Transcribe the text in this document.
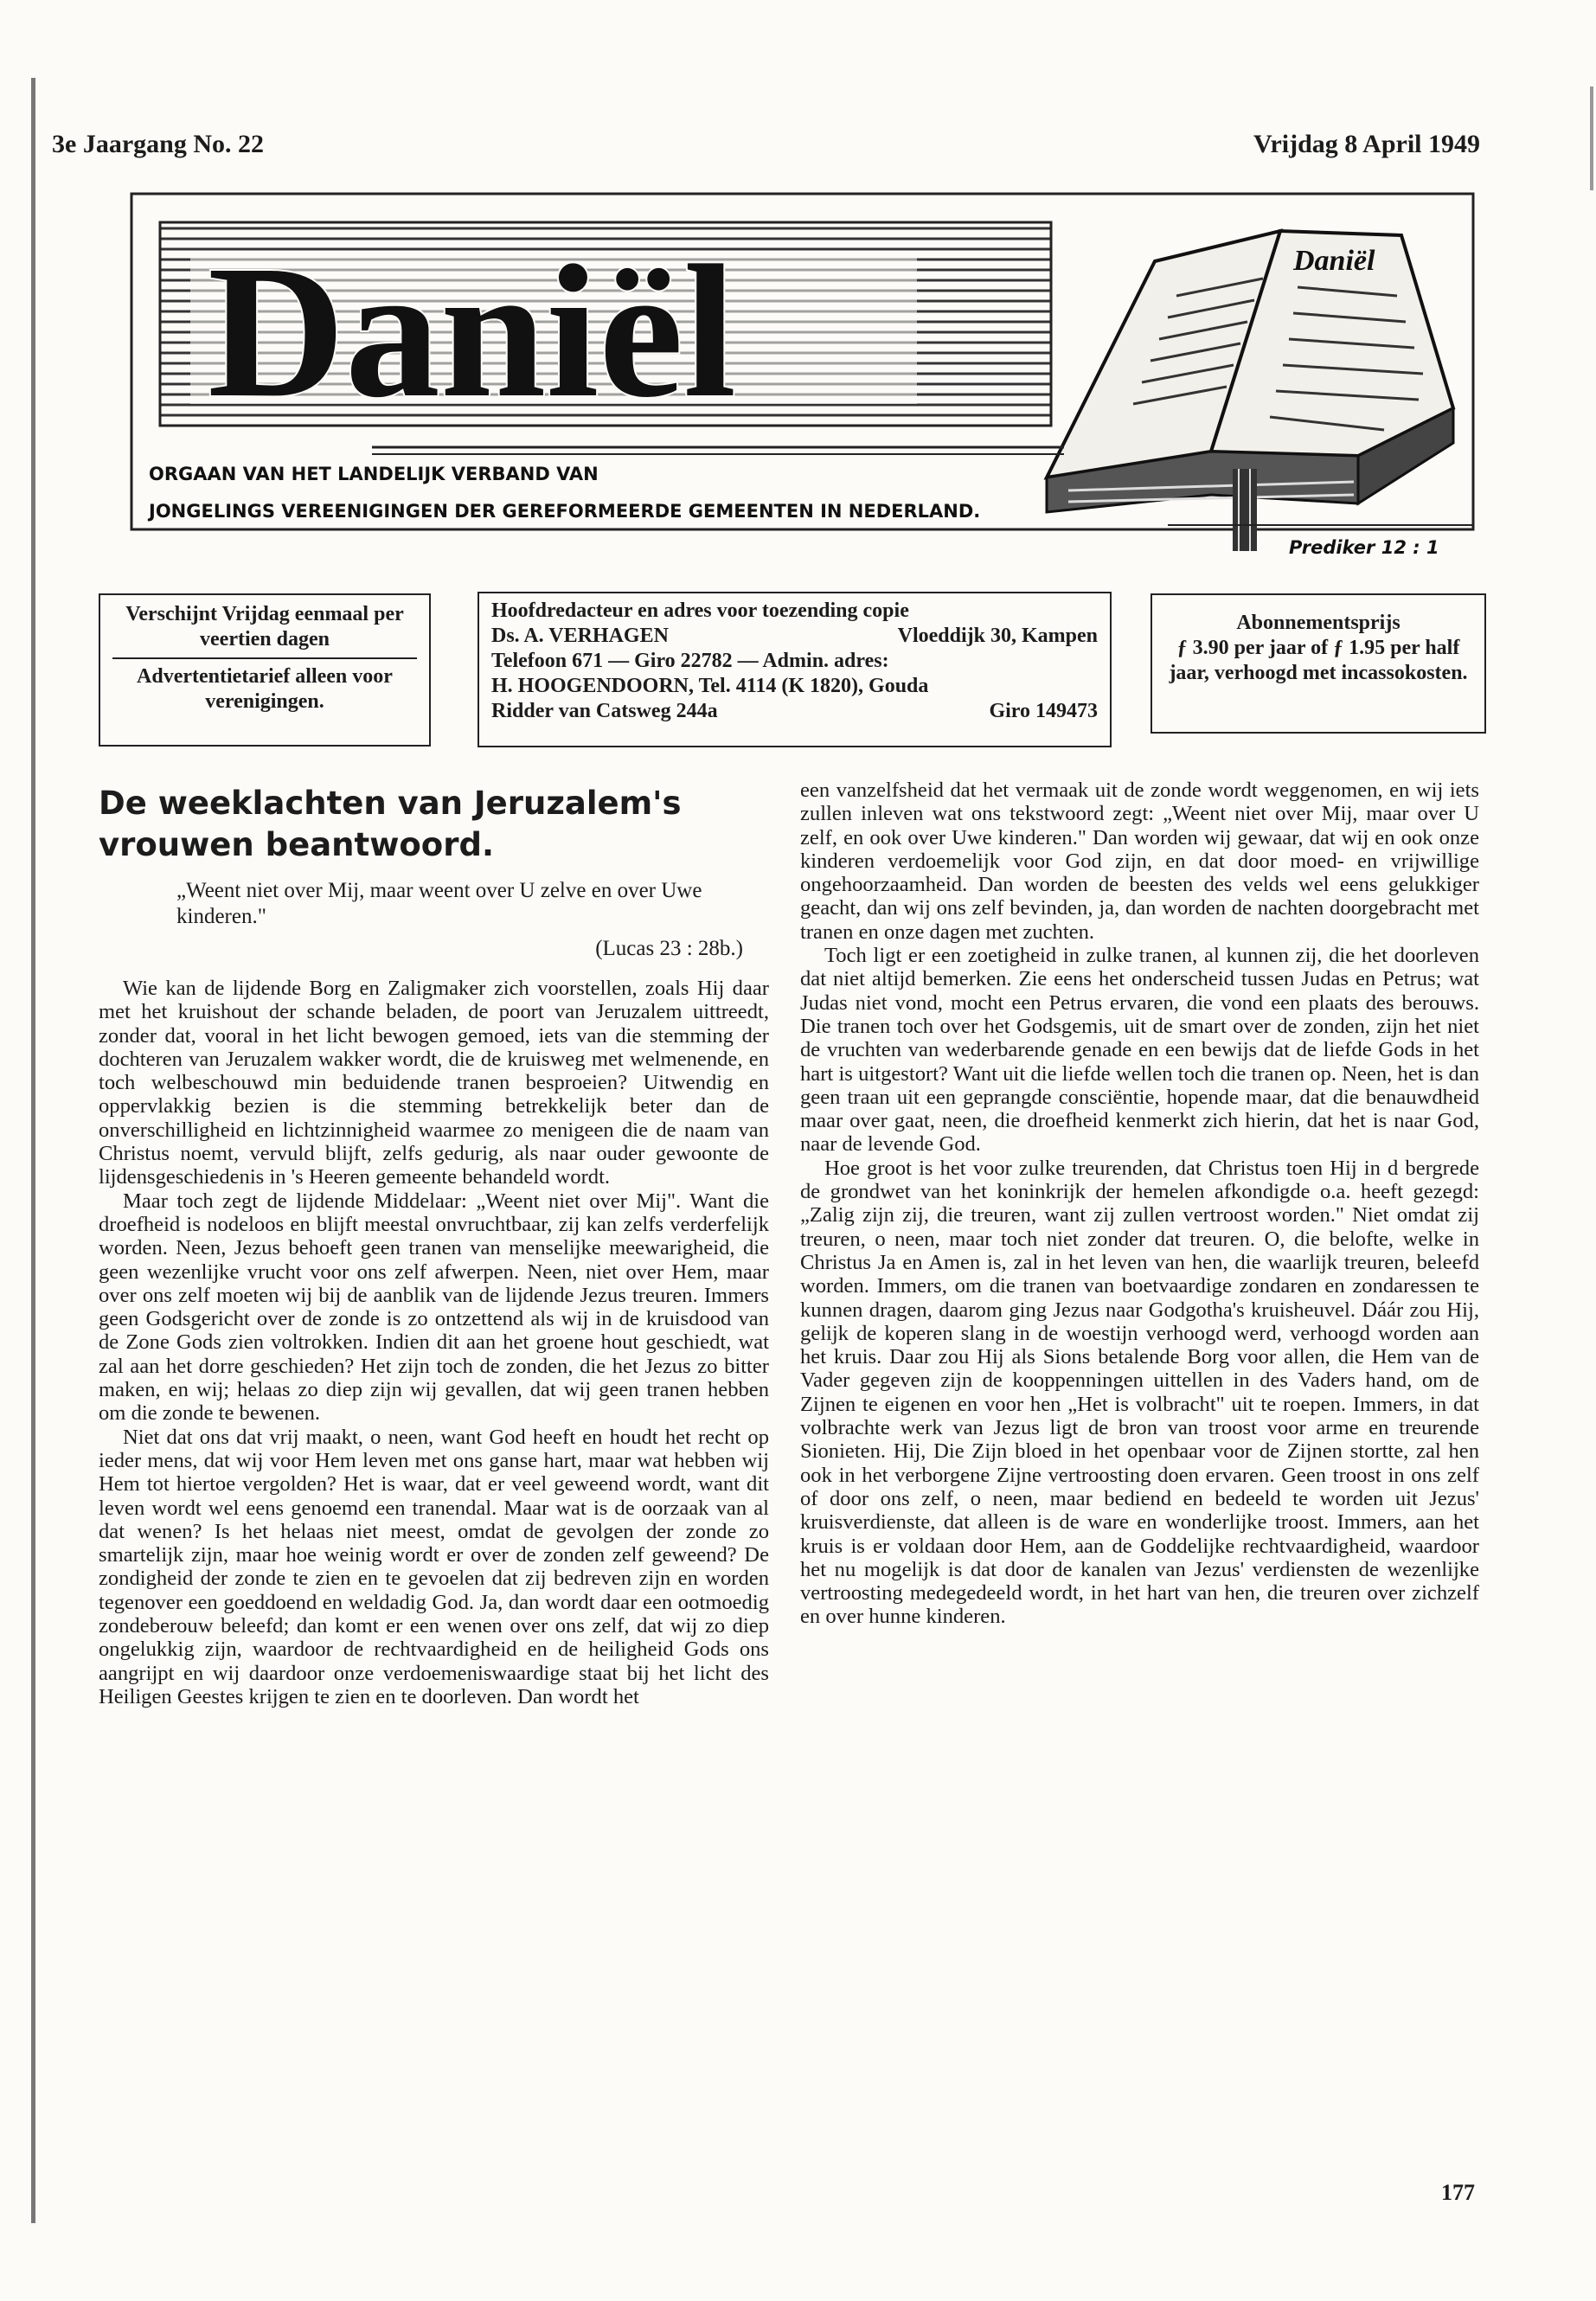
3e Jaargang No. 22	Vrijdag 8 April 1949
Daniël	Daniël
ORGAAN VAN HET LANDELIJK VERBAND VAN
JONGELINGS VEREENIGINGEN DER GEREFORMEERDE GEMEENTEN IN NEDERLAND.
Prediker 12 : 1

Verschijnt Vrijdag eenmaal per veertien dagen

Advertentietarief alleen voor verenigingen.

Hoofdredacteur en adres voor toezending copie

Ds. A. VERHAGEN	Vloeddijk 30, Kampen

Telefoon 671 — Giro 22782 — Admin. adres:

H. HOOGENDOORN, Tel. 4114 (K 1820), Gouda

Ridder van Catsweg 244a	Giro 149473

Abonnementsprijs

ƒ 3.90 per jaar of ƒ 1.95 per half jaar, verhoogd met incassokosten.

De weeklachten van Jeruzalem's vrouwen beantwoord.
„Weent niet over Mij, maar weent over U zelve en over Uwe kinderen."
(Lucas 23 : 28b.)

Wie kan de lijdende Borg en Zaligmaker zich voorstellen, zoals Hij daar met het kruishout der schande beladen, de poort van Jeruzalem uittreedt, zonder dat, vooral in het licht bewogen gemoed, iets van die stemming der dochteren van Jeruzalem wakker wordt, die de kruisweg met welmenende, en toch welbeschouwd min beduidende tranen besproeien? Uitwendig en oppervlakkig bezien is die stemming betrekkelijk beter dan de onverschilligheid en lichtzinnigheid waarmee zo menigeen die de naam van Christus noemt, vervuld blijft, zelfs gedurig, als naar ouder gewoonte de lijdensgeschiedenis in 's Heeren gemeente behandeld wordt.

Maar toch zegt de lijdende Middelaar: „Weent niet over Mij". Want die droefheid is nodeloos en blijft meestal onvruchtbaar, zij kan zelfs verderfelijk worden. Neen, Jezus behoeft geen tranen van menselijke meewarigheid, die geen wezenlijke vrucht voor ons zelf afwerpen. Neen, niet over Hem, maar over ons zelf moeten wij bij de aanblik van de lijdende Jezus treuren. Immers geen Godsgericht over de zonde is zo ontzettend als wij in de kruisdood van de Zone Gods zien voltrokken. Indien dit aan het groene hout geschiedt, wat zal aan het dorre geschieden? Het zijn toch de zonden, die het Jezus zo bitter maken, en wij; helaas zo diep zijn wij gevallen, dat wij geen tranen hebben om die zonde te bewenen.

Niet dat ons dat vrij maakt, o neen, want God heeft en houdt het recht op ieder mens, dat wij voor Hem leven met ons ganse hart, maar wat hebben wij Hem tot hiertoe vergolden? Het is waar, dat er veel geweend wordt, want dit leven wordt wel eens genoemd een tranendal. Maar wat is de oorzaak van al dat wenen? Is het helaas niet meest, omdat de gevolgen der zonde zo smartelijk zijn, maar hoe weinig wordt er over de zonden zelf geweend? De zondigheid der zonde te zien en te gevoelen dat zij bedreven zijn en worden tegenover een goeddoend en weldadig God. Ja, dan wordt daar een ootmoedig zondeberouw beleefd; dan komt er een wenen over ons zelf, dat wij zo diep ongelukkig zijn, waardoor de rechtvaardigheid en de heiligheid Gods ons aangrijpt en wij daardoor onze verdoemeniswaardige staat bij het licht des Heiligen Geestes krijgen te zien en te doorleven. Dan wordt het

een vanzelfsheid dat het vermaak uit de zonde wordt weggenomen, en wij iets zullen inleven wat ons tekstwoord zegt: „Weent niet over Mij, maar over U zelf, en ook over Uwe kinderen." Dan worden wij gewaar, dat wij en ook onze kinderen verdoemelijk voor God zijn, en dat door moed- en vrijwillige ongehoorzaamheid. Dan worden de beesten des velds wel eens gelukkiger geacht, dan wij ons zelf bevinden, ja, dan worden de nachten doorgebracht met tranen en onze dagen met zuchten.

Toch ligt er een zoetigheid in zulke tranen, al kunnen zij, die het doorleven dat niet altijd bemerken. Zie eens het onderscheid tussen Judas en Petrus; wat Judas niet vond, mocht een Petrus ervaren, die vond een plaats des berouws. Die tranen toch over het Godsgemis, uit de smart over de zonden, zijn het niet de vruchten van wederbarende genade en een bewijs dat de liefde Gods in het hart is uitgestort? Want uit die liefde wellen toch die tranen op. Neen, het is dan geen traan uit een geprangde consciëntie, hopende maar, dat die benauwdheid maar over gaat, neen, die droefheid kenmerkt zich hierin, dat het is naar God, naar de levende God.

Hoe groot is het voor zulke treurenden, dat Christus toen Hij in d bergrede de grondwet van het koninkrijk der hemelen afkondigde o.a. heeft gezegd: „Zalig zijn zij, die treuren, want zij zullen vertroost worden." Niet omdat zij treuren, o neen, maar toch niet zonder dat treuren. O, die belofte, welke in Christus Ja en Amen is, zal in het leven van hen, die waarlijk treuren, beleefd worden. Immers, om die tranen van boetvaardige zondaren en zondaressen te kunnen dragen, daarom ging Jezus naar Godgotha's kruisheuvel. Dáár zou Hij, gelijk de koperen slang in de woestijn verhoogd werd, verhoogd worden aan het kruis. Daar zou Hij als Sions betalende Borg voor allen, die Hem van de Vader gegeven zijn de kooppenningen uittellen in des Vaders hand, om de Zijnen te eigenen en voor hen „Het is volbracht" uit te roepen. Immers, in dat volbrachte werk van Jezus ligt de bron van troost voor arme en treurende Sionieten. Hij, Die Zijn bloed in het openbaar voor de Zijnen stortte, zal hen ook in het verborgene Zijne vertroosting doen ervaren. Geen troost in ons zelf of door ons zelf, o neen, maar bediend en bedeeld te worden uit Jezus' kruisverdienste, dat alleen is de ware en wonderlijke troost. Immers, aan het kruis is er voldaan door Hem, aan de Goddelijke rechtvaardigheid, waardoor het nu mogelijk is dat door de kanalen van Jezus' verdiensten de wezenlijke vertroosting medegedeeld wordt, in het hart van hen, die treuren over zichzelf en over hunne kinderen.

177
